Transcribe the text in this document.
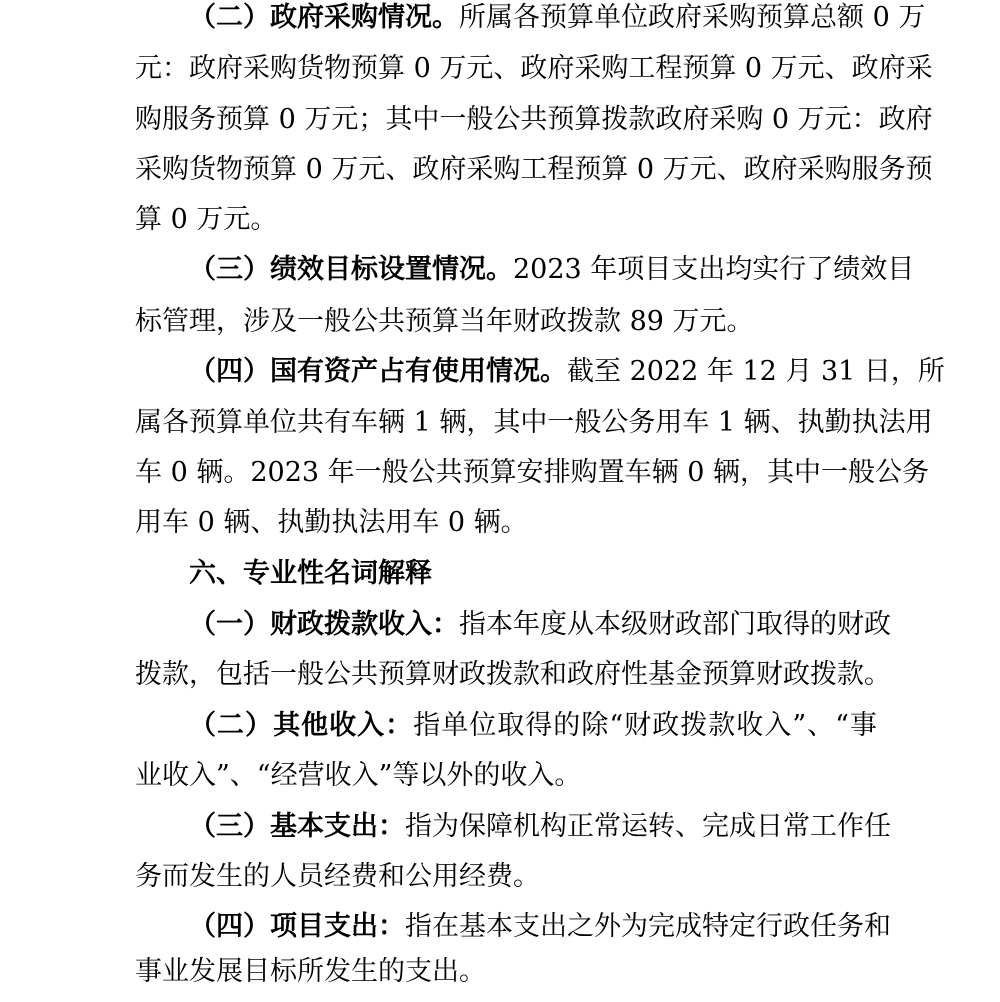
（二）政府采购情况。所属各预算单位政府采购预算总额 0 万
元：政府采购货物预算 0 万元、政府采购工程预算 0 万元、政府采
购服务预算 0 万元；其中一般公共预算拨款政府采购 0 万元：政府
采购货物预算 0 万元、政府采购工程预算 0 万元、政府采购服务预
算 0 万元。
（三）绩效目标设置情况。2023 年项目支出均实行了绩效目
标管理，涉及一般公共预算当年财政拨款 89 万元。
（四）国有资产占有使用情况。截至 2022 年 12 月 31 日，所
属各预算单位共有车辆 1 辆，其中一般公务用车 1 辆、执勤执法用
车 0 辆。2023 年一般公共预算安排购置车辆 0 辆，其中一般公务
用车 0 辆、执勤执法用车 0 辆。
六、专业性名词解释
（一）财政拨款收入：指本年度从本级财政部门取得的财政
拨款，包括一般公共预算财政拨款和政府性基金预算财政拨款。
（二）其他收入：指单位取得的除“财政拨款收入”、“事
业收入”、“经营收入”等以外的收入。
（三）基本支出：指为保障机构正常运转、完成日常工作任
务而发生的人员经费和公用经费。
（四）项目支出：指在基本支出之外为完成特定行政任务和
事业发展目标所发生的支出。
